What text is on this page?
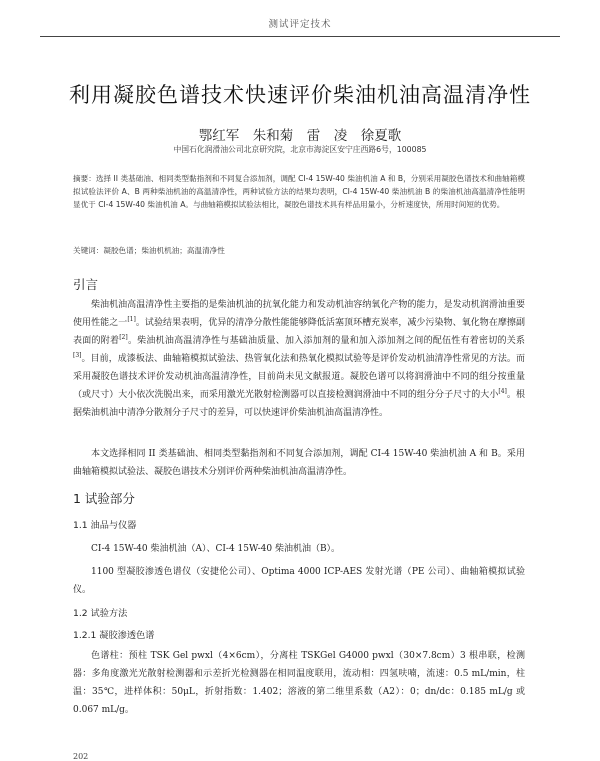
测试评定技术
利用凝胶色谱技术快速评价柴油机油高温清净性
鄂红军　朱和菊　雷　凌　徐夏歌
中国石化润滑油公司北京研究院，北京市海淀区安宁庄西路6号，100085
摘要：选择 II 类基础油、相同类型黏指剂和不同复合添加剂，调配 CI-4 15W-40 柴油机油 A 和 B，分别采用凝胶色谱技术和曲轴箱模拟试验法评价 A、B 两种柴油机油的高温清净性，两种试验方法的结果均表明，CI-4 15W-40 柴油机油 B 的柴油机油高温清净性能明显优于 CI-4 15W-40 柴油机油 A。与曲轴箱模拟试验法相比，凝胶色谱技术具有样品用量小，分析速度快，所用时间短的优势。
关键词：凝胶色谱；柴油机机油；高温清净性
引言
柴油机油高温清净性主要指的是柴油机油的抗氧化能力和发动机油容纳氧化产物的能力，是发动机润滑油重要使用性能之一[1]。试验结果表明，优异的清净分散性能能够降低活塞顶环槽充炭率，减少污染物、氧化物在摩擦副表面的附着[2]。柴油机油高温清净性与基础油质量、加入添加剂的量和加入添加剂之间的配伍性有着密切的关系[3]。目前，成漆板法、曲轴箱模拟试验法、热管氧化法和热氧化模拟试验等是评价发动机油清净性常见的方法。而采用凝胶色谱技术评价发动机油高温清净性，目前尚未见文献报道。凝胶色谱可以将润滑油中不同的组分按重量（或尺寸）大小依次洗脱出来，而采用激光光散射检测器可以直接检测润滑油中不同的组分分子尺寸的大小[4]。根据柴油机油中清净分散剂分子尺寸的差异，可以快速评价柴油机油高温清净性。
本文选择相同 II 类基础油、相同类型黏指剂和不同复合添加剂，调配 CI-4 15W-40 柴油机油 A 和 B。采用曲轴箱模拟试验法、凝胶色谱技术分别评价两种柴油机油高温清净性。
1 试验部分
1.1 油品与仪器
CI-4 15W-40 柴油机油（A）、CI-4 15W-40 柴油机油（B）。
1100 型凝胶渗透色谱仪（安捷伦公司）、Optima 4000 ICP-AES 发射光谱（PE 公司）、曲轴箱模拟试验仪。
1.2 试验方法
1.2.1 凝胶渗透色谱
色谱柱：预柱 TSK Gel pwxl（4×6cm），分离柱 TSKGel G4000 pwxl（30×7.8cm）3 根串联，检测器：多角度激光光散射检测器和示差折光检测器在相同温度联用，流动相：四氢呋喃，流速：0.5 mL/min，柱温：35℃，进样体积：50μL，折射指数：1.402；溶液的第二维里系数（A2）：0；dn/dc：0.185 mL/g 或 0.067 mL/g。
202
